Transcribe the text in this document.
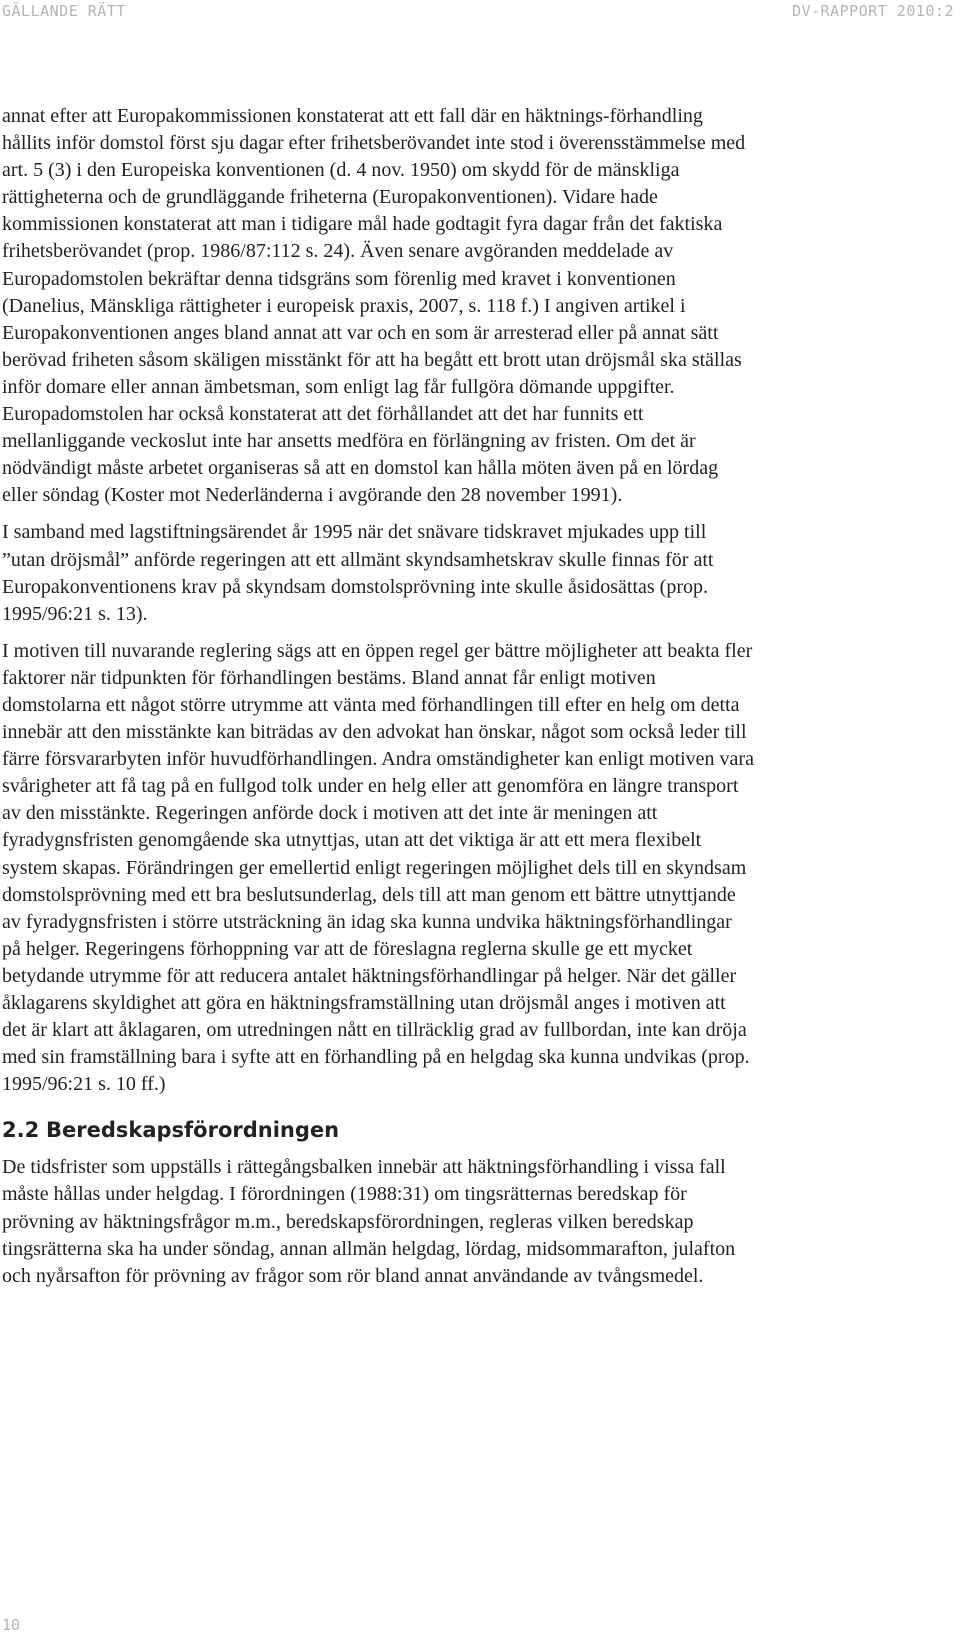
GÄLLANDE RÄTT	DV-RAPPORT 2010:2

annat efter att Europakommissionen konstaterat att ett fall där en häktnings-förhandling hållits inför domstol först sju dagar efter frihetsberövandet inte stod i överensstämmelse med art. 5 (3) i den Europeiska konventionen (d. 4 nov. 1950) om skydd för de mänskliga rättigheterna och de grundläggande friheterna (Europakonventionen). Vidare hade kommissionen konstaterat att man i tidigare mål hade godtagit fyra dagar från det faktiska frihetsberövandet (prop. 1986/87:112 s. 24). Även senare avgöranden meddelade av Europadomstolen bekräftar denna tidsgräns som förenlig med kravet i konventionen (Danelius, Mänskliga rättigheter i europeisk praxis, 2007, s. 118 f.) I angiven artikel i Europakonventionen anges bland annat att var och en som är arresterad eller på annat sätt berövad friheten såsom skäligen misstänkt för att ha begått ett brott utan dröjsmål ska ställas inför domare eller annan ämbetsman, som enligt lag får fullgöra dömande uppgifter. Europadomstolen har också konstaterat att det förhållandet att det har funnits ett mellanliggande veckoslut inte har ansetts medföra en förlängning av fristen. Om det är nödvändigt måste arbetet organiseras så att en domstol kan hålla möten även på en lördag eller söndag (Koster mot Nederländerna i avgörande den 28 november 1991).

I samband med lagstiftningsärendet år 1995 när det snävare tidskravet mjukades upp till ”utan dröjsmål” anförde regeringen att ett allmänt skyndsamhetskrav skulle finnas för att Europakonventionens krav på skyndsam domstolsprövning inte skulle åsidosättas (prop. 1995/96:21 s. 13).

I motiven till nuvarande reglering sägs att en öppen regel ger bättre möjligheter att beakta fler faktorer när tidpunkten för förhandlingen bestäms. Bland annat får enligt motiven domstolarna ett något större utrymme att vänta med förhandlingen till efter en helg om detta innebär att den misstänkte kan biträdas av den advokat han önskar, något som också leder till färre försvararbyten inför huvudförhandlingen. Andra omständigheter kan enligt motiven vara svårigheter att få tag på en fullgod tolk under en helg eller att genomföra en längre transport av den misstänkte. Regeringen anförde dock i motiven att det inte är meningen att fyradygnsfristen genomgående ska utnyttjas, utan att det viktiga är att ett mera flexibelt system skapas. Förändringen ger emellertid enligt regeringen möjlighet dels till en skyndsam domstolsprövning med ett bra beslutsunderlag, dels till att man genom ett bättre utnyttjande av fyradygnsfristen i större utsträckning än idag ska kunna undvika häktningsförhandlingar på helger. Regeringens förhoppning var att de föreslagna reglerna skulle ge ett mycket betydande utrymme för att reducera antalet häktningsförhandlingar på helger. När det gäller åklagarens skyldighet att göra en häktningsframställning utan dröjsmål anges i motiven att det är klart att åklagaren, om utredningen nått en tillräcklig grad av fullbordan, inte kan dröja med sin framställning bara i syfte att en förhandling på en helgdag ska kunna undvikas (prop. 1995/96:21 s. 10 ff.)

2.2 Beredskapsförordningen

De tidsfrister som uppställs i rättegångsbalken innebär att häktningsförhandling i vissa fall måste hållas under helgdag. I förordningen (1988:31) om tingsrätternas beredskap för prövning av häktningsfrågor m.m., beredskapsförordningen, regleras vilken beredskap tingsrätterna ska ha under söndag, annan allmän helgdag, lördag, midsommarafton, julafton och nyårsafton för prövning av frågor som rör bland annat användande av tvångsmedel.

10
